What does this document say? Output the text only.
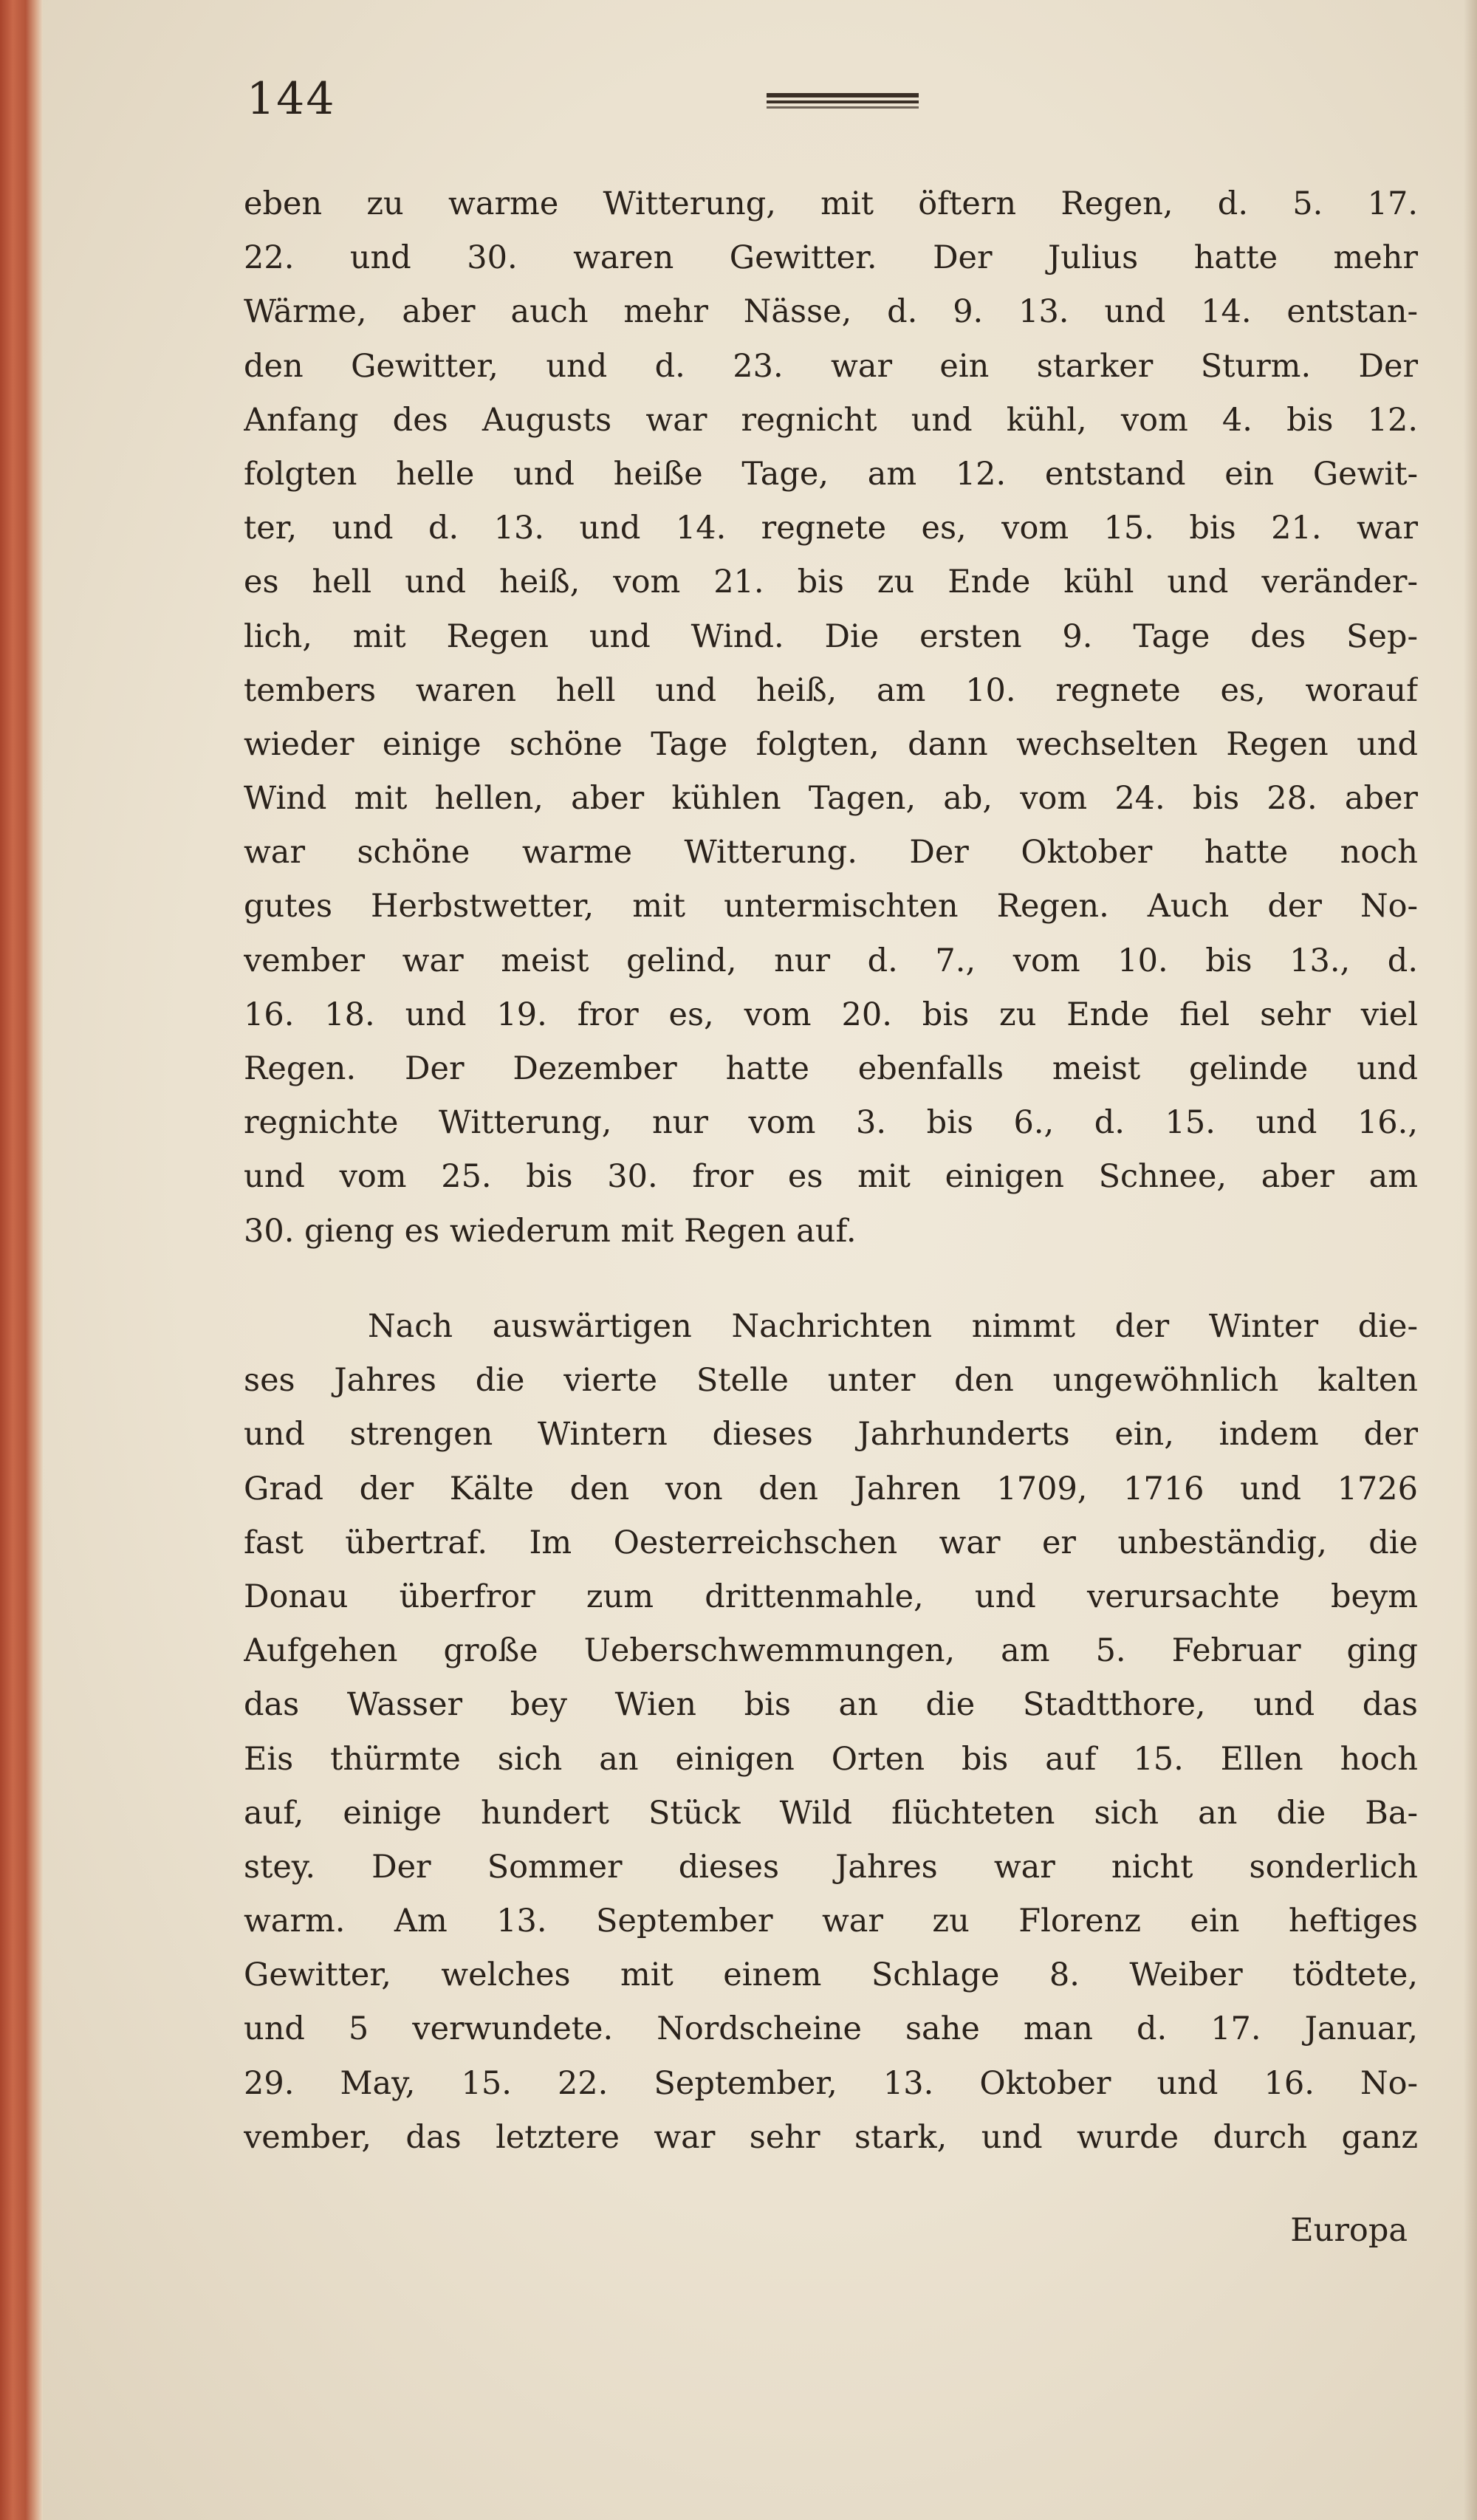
144
eben zu warme Witterung, mit öftern Regen, d. 5. 17.
22. und 30. waren Gewitter. Der Julius hatte mehr
Wärme, aber auch mehr Nässe, d. 9. 13. und 14. entstan-
den Gewitter, und d. 23. war ein starker Sturm. Der
Anfang des Augusts war regnicht und kühl, vom 4. bis 12.
folgten helle und heiße Tage, am 12. entstand ein Gewit-
ter, und d. 13. und 14. regnete es, vom 15. bis 21. war
es hell und heiß, vom 21. bis zu Ende kühl und veränder-
lich, mit Regen und Wind. Die ersten 9. Tage des Sep-
tembers waren hell und heiß, am 10. regnete es, worauf
wieder einige schöne Tage folgten, dann wechselten Regen und
Wind mit hellen, aber kühlen Tagen, ab, vom 24. bis 28. aber
war schöne warme Witterung. Der Oktober hatte noch
gutes Herbstwetter, mit untermischten Regen. Auch der No-
vember war meist gelind, nur d. 7., vom 10. bis 13., d.
16. 18. und 19. fror es, vom 20. bis zu Ende fiel sehr viel
Regen. Der Dezember hatte ebenfalls meist gelinde und
regnichte Witterung, nur vom 3. bis 6., d. 15. und 16.,
und vom 25. bis 30. fror es mit einigen Schnee, aber am
30. gieng es wiederum mit Regen auf.
Nach auswärtigen Nachrichten nimmt der Winter die-
ses Jahres die vierte Stelle unter den ungewöhnlich kalten
und strengen Wintern dieses Jahrhunderts ein, indem der
Grad der Kälte den von den Jahren 1709, 1716 und 1726
fast übertraf. Im Oesterreichschen war er unbeständig, die
Donau überfror zum drittenmahle, und verursachte beym
Aufgehen große Ueberschwemmungen, am 5. Februar ging
das Wasser bey Wien bis an die Stadtthore, und das
Eis thürmte sich an einigen Orten bis auf 15. Ellen hoch
auf, einige hundert Stück Wild flüchteten sich an die Ba-
stey. Der Sommer dieses Jahres war nicht sonderlich
warm. Am 13. September war zu Florenz ein heftiges
Gewitter, welches mit einem Schlage 8. Weiber tödtete,
und 5 verwundete. Nordscheine sahe man d. 17. Januar,
29. May, 15. 22. September, 13. Oktober und 16. No-
vember, das letztere war sehr stark, und wurde durch ganz

Europa
